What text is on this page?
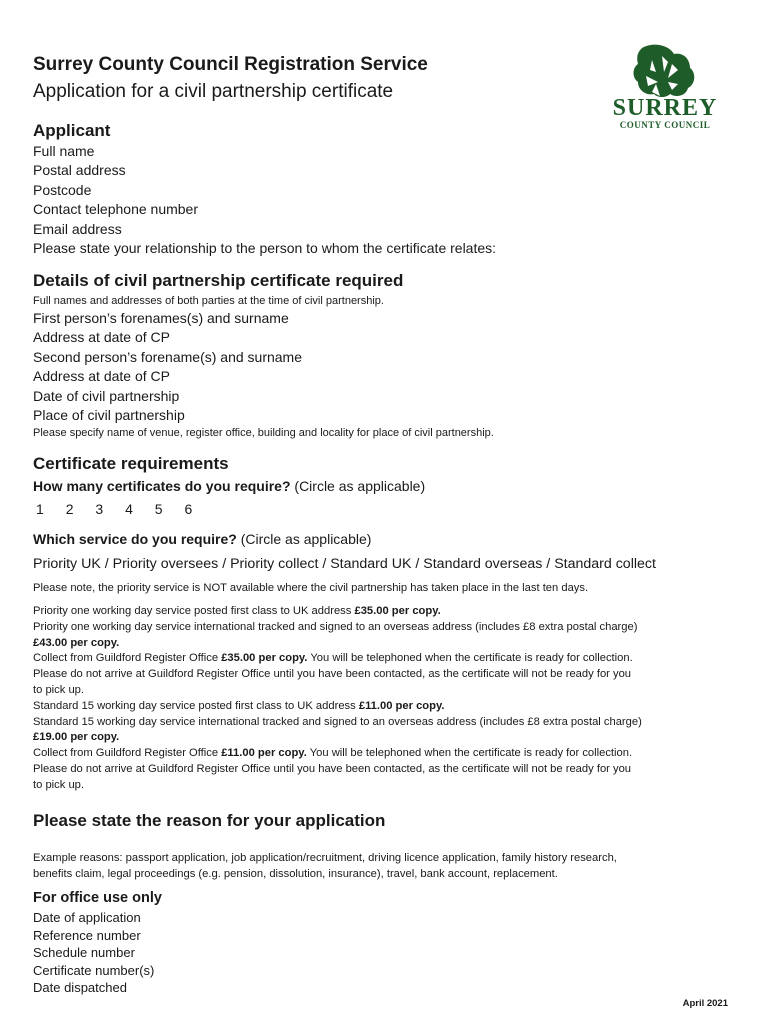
SURREY
COUNTY COUNCIL
Surrey County Council Registration Service

Application for a civil partnership certificate

Applicant

Full name

Postal address

Postcode

Contact telephone number

Email address

Please state your relationship to the person to whom the certificate relates:

Details of civil partnership certificate required

Full names and addresses of both parties at the time of civil partnership.

First person’s forenames(s) and surname

Address at date of CP

Second person’s forename(s) and surname

Address at date of CP

Date of civil partnership

Place of civil partnership

Please specify name of venue, register office, building and locality for place of civil partnership.

Certificate requirements

How many certificates do you require? (Circle as applicable)

1 2 3 4 5 6

Which service do you require? (Circle as applicable)

Priority UK / Priority oversees / Priority collect / Standard UK / Standard overseas / Standard collect

Please note, the priority service is NOT available where the civil partnership has taken place in the last ten days.

Priority one working day service posted first class to UK address £35.00 per copy.

Priority one working day service international tracked and signed to an overseas address (includes £8 extra postal charge)

£43.00 per copy.

Collect from Guildford Register Office £35.00 per copy. You will be telephoned when the certificate is ready for collection.

Please do not arrive at Guildford Register Office until you have been contacted, as the certificate will not be ready for you

to pick up.

Standard 15 working day service posted first class to UK address £11.00 per copy.

Standard 15 working day service international tracked and signed to an overseas address (includes £8 extra postal charge)

£19.00 per copy.

Collect from Guildford Register Office £11.00 per copy. You will be telephoned when the certificate is ready for collection.

Please do not arrive at Guildford Register Office until you have been contacted, as the certificate will not be ready for you

to pick up.

Please state the reason for your application

Example reasons: passport application, job application/recruitment, driving licence application, family history research,

benefits claim, legal proceedings (e.g. pension, dissolution, insurance), travel, bank account, replacement.

For office use only

Date of application

Reference number

Schedule number

Certificate number(s)

Date dispatched

April 2021
